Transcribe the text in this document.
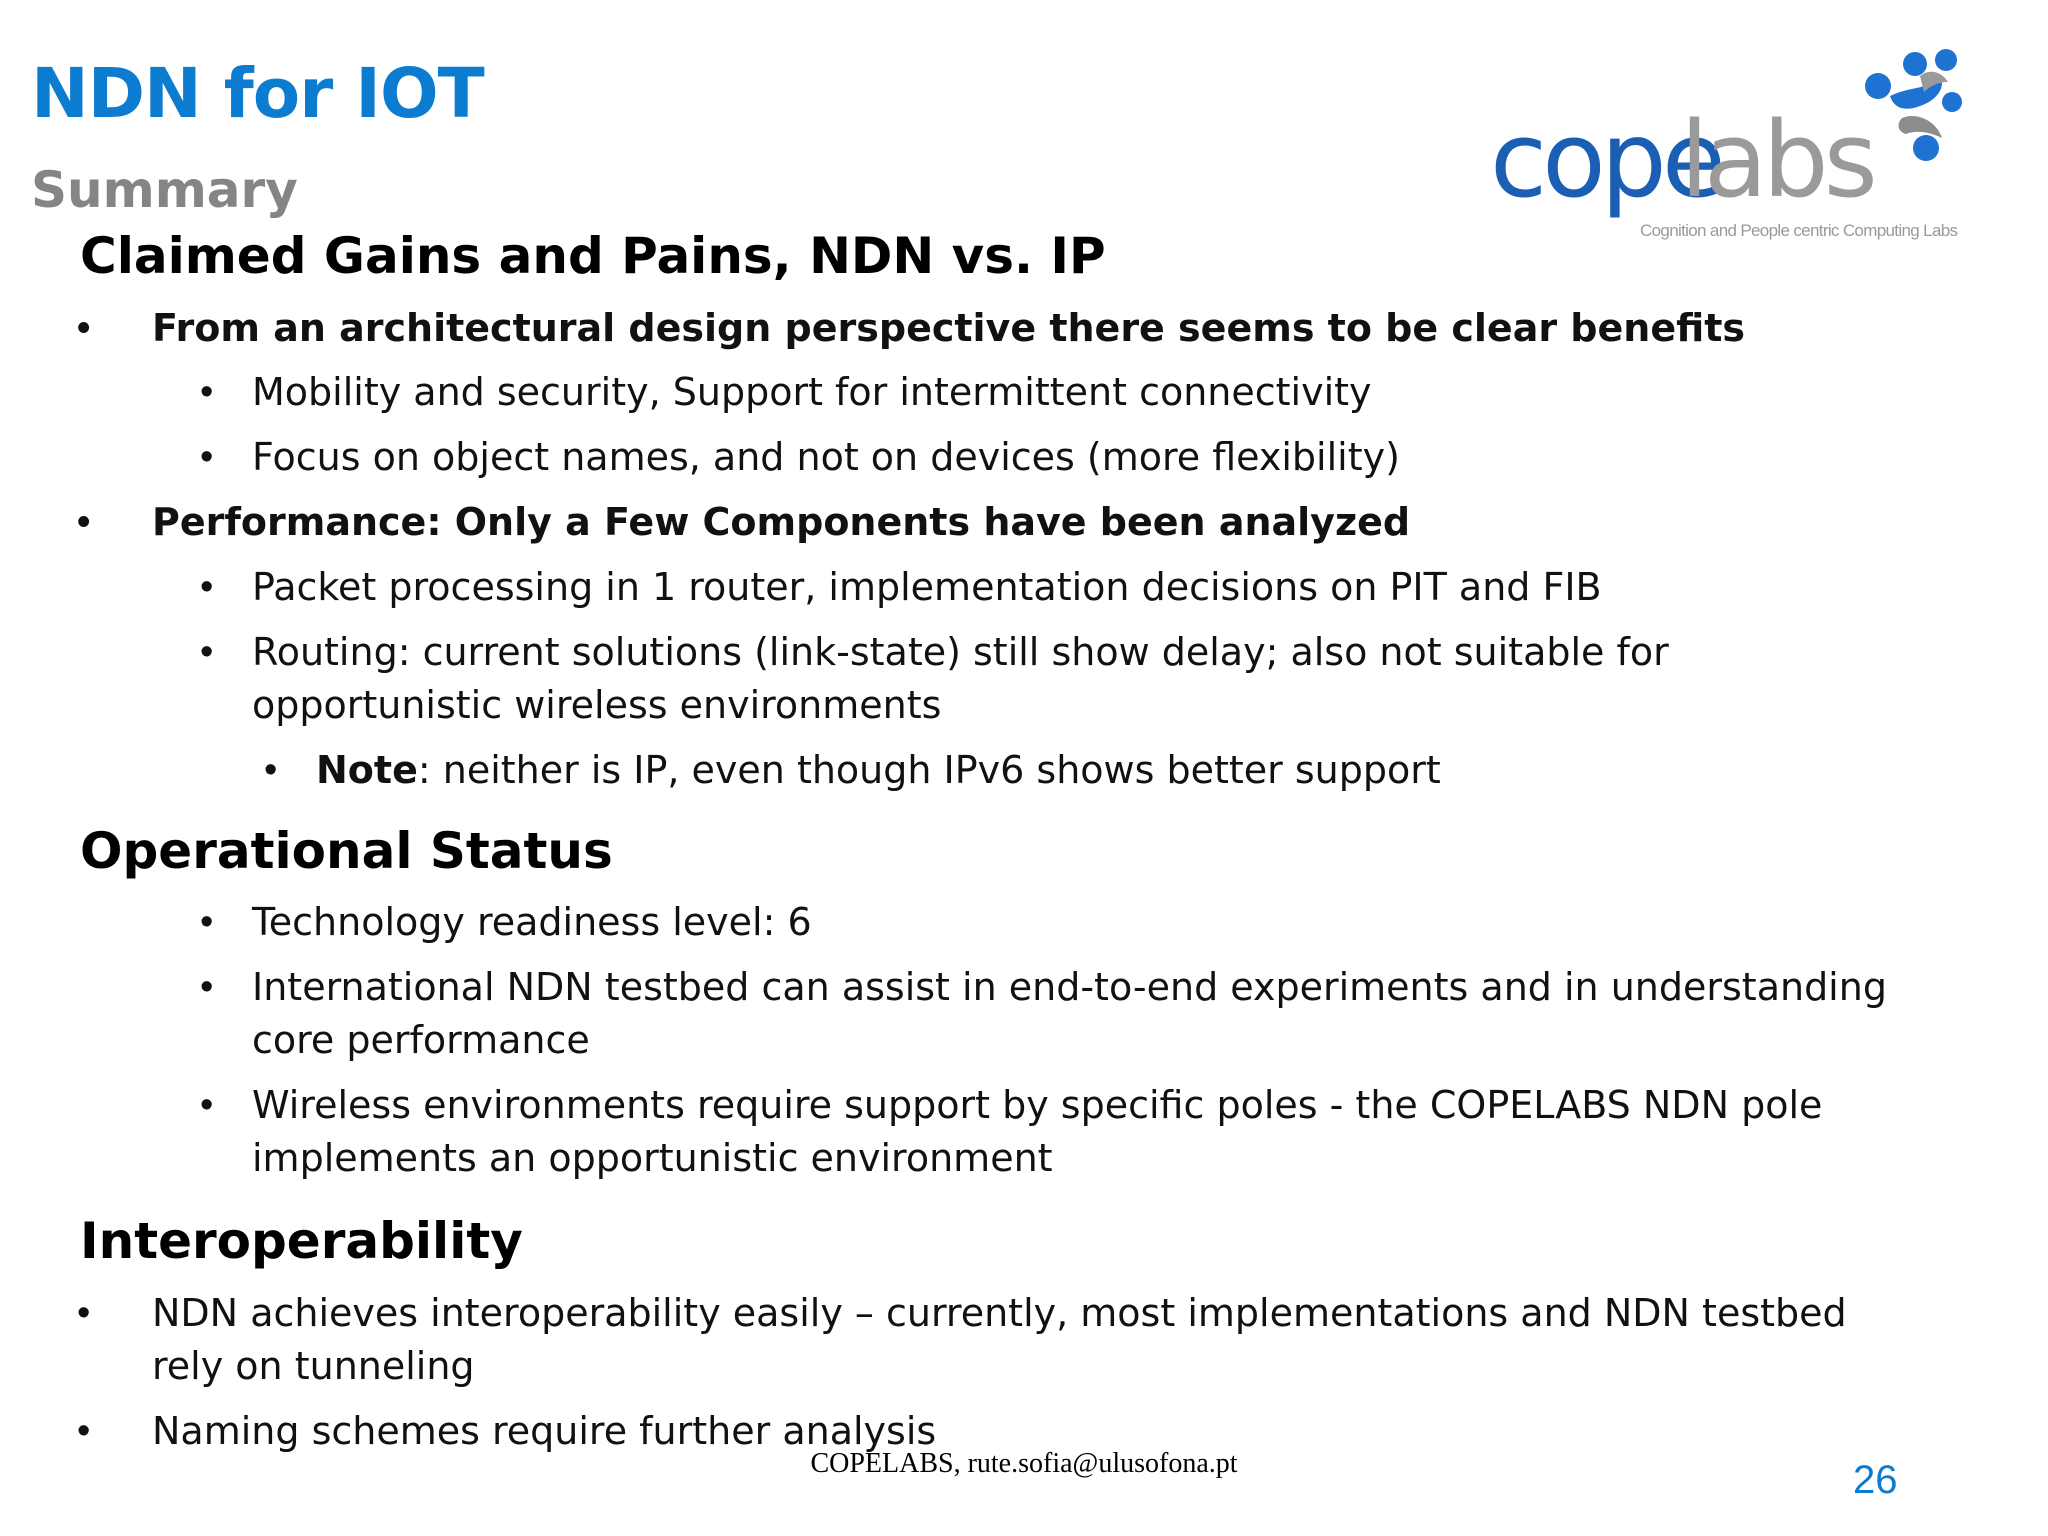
NDN for IOT
Summary	cope
labs
Cognition and People centric Computing Labs
Claimed Gains and Pains, NDN vs. IP
• From an architectural design perspective there seems to be clear benefits
• Mobility and security, Support for intermittent connectivity
• Focus on object names, and not on devices (more flexibility)
• Performance: Only a Few Components have been analyzed
• Packet processing in 1 router, implementation decisions on PIT and FIB
• Routing: current solutions (link-state) still show delay; also not suitable for
opportunistic wireless environments
• Note: neither is IP, even though IPv6 shows better support
Operational Status
• Technology readiness level: 6
• International NDN testbed can assist in end-to-end experiments and in understanding
core performance
• Wireless environments require support by specific poles - the COPELABS NDN pole
implements an opportunistic environment
Interoperability
• NDN achieves interoperability easily – currently, most implementations and NDN testbed
rely on tunneling
• Naming schemes require further analysis
COPELABS, rute.sofia@ulusofona.pt	26
